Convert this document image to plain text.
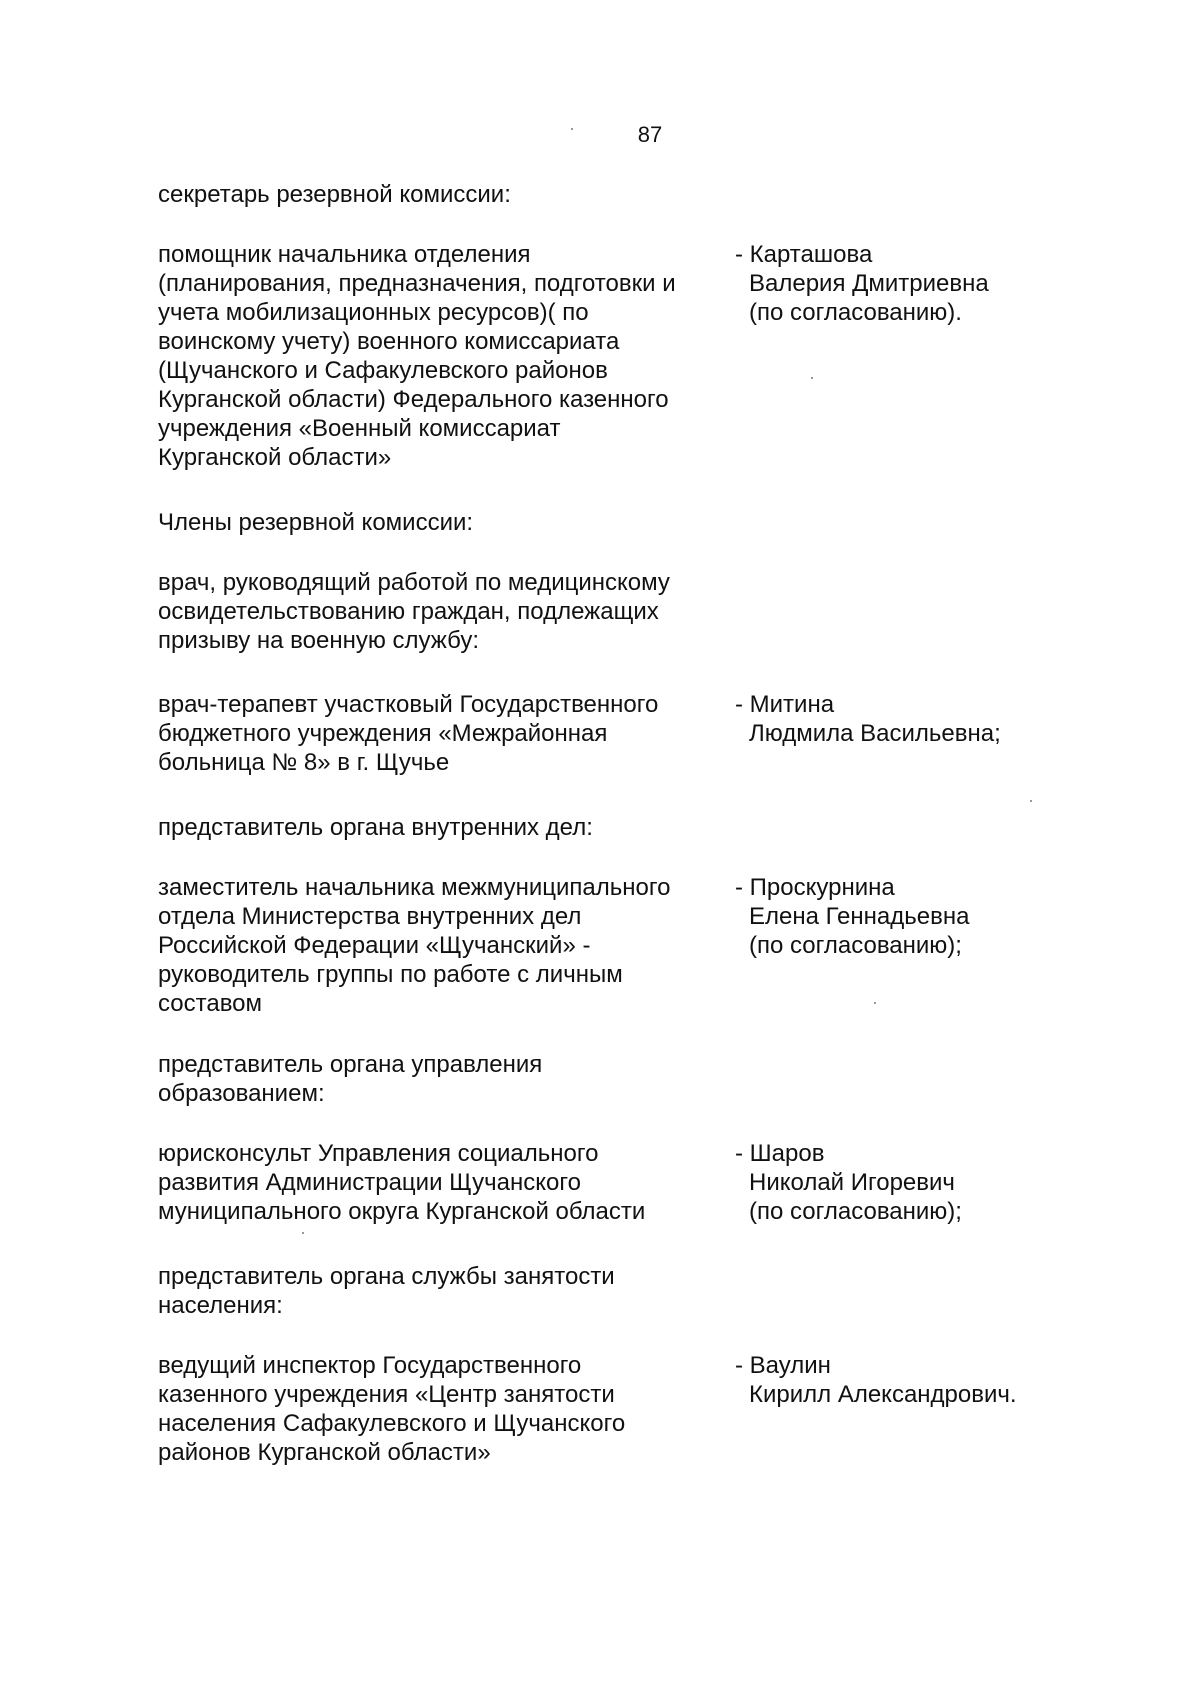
87
секретарь резервной комиссии:
помощник начальника отделения
(планирования, предназначения, подготовки и
учета мобилизационных ресурсов)( по
воинскому учету) военного комиссариата
(Щучанского и Сафакулевского районов
Курганской области) Федерального казенного
учреждения «Военный комиссариат
Курганской области»
- Карташова
Валерия Дмитриевна
(по согласованию).
Члены резервной комиссии:
врач, руководящий работой по медицинскому
освидетельствованию граждан, подлежащих
призыву на военную службу:
врач-терапевт участковый Государственного
бюджетного учреждения «Межрайонная
больница № 8» в г. Щучье
- Митина
Людмила Васильевна;
представитель органа внутренних дел:
заместитель начальника межмуниципального
отдела Министерства внутренних дел
Российской Федерации «Щучанский» -
руководитель группы по работе с личным
составом
- Проскурнина
Елена Геннадьевна
(по согласованию);
представитель органа управления
образованием:
юрисконсульт Управления социального
развития Администрации Щучанского
муниципального округа Курганской области
- Шаров
Николай Игоревич
(по согласованию);
представитель органа службы занятости
населения:
ведущий инспектор Государственного
казенного учреждения «Центр занятости
населения Сафакулевского и Щучанского
районов Курганской области»
- Ваулин
Кирилл Александрович.
